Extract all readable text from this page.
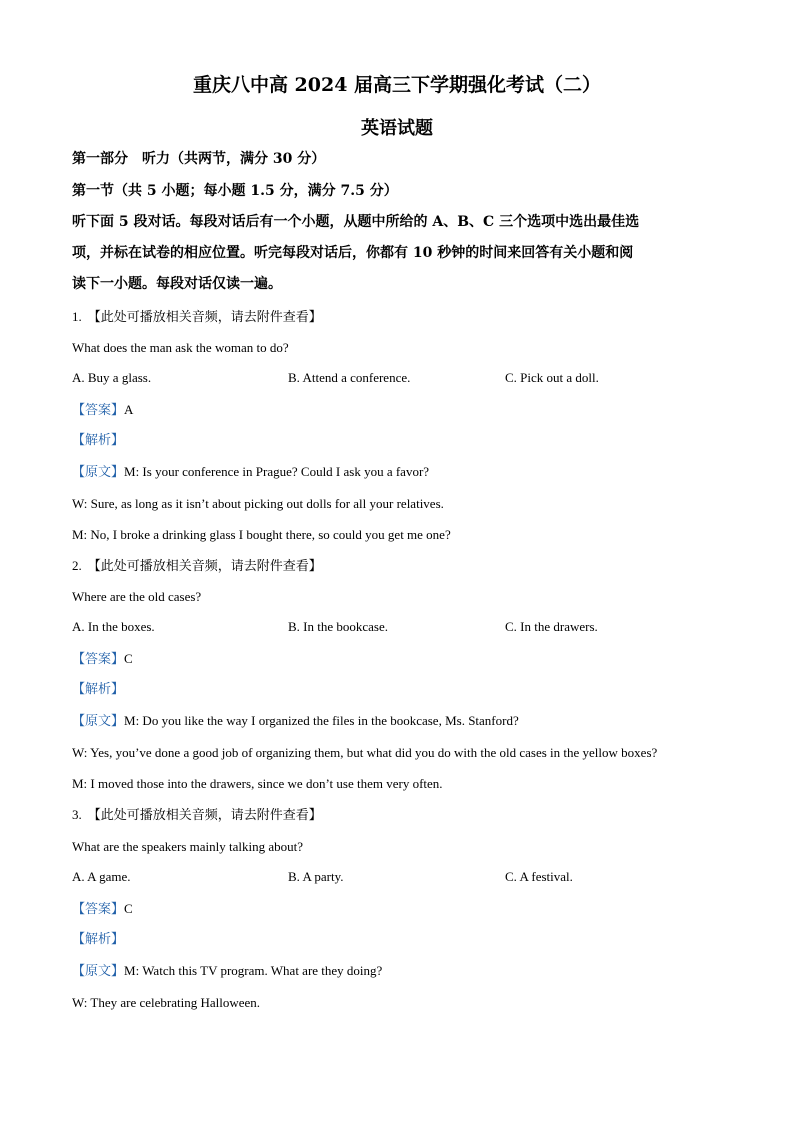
重庆八中高 2024 届高三下学期强化考试（二）
英语试题
第一部分　听力（共两节，满分 30 分）
第一节（共 5 小题；每小题 1.5 分，满分 7.5 分）
听下面 5 段对话。每段对话后有一个小题，从题中所给的 A、B、C 三个选项中选出最佳选
项，并标在试卷的相应位置。听完每段对话后，你都有 10 秒钟的时间来回答有关小题和阅
读下一小题。每段对话仅读一遍。
1. 【此处可播放相关音频，请去附件查看】
What does the man ask the woman to do?
A. Buy a glass.	B. Attend a conference.	C. Pick out a doll.
【答案】A
【解析】
【原文】M: Is your conference in Prague? Could I ask you a favor?
W: Sure, as long as it isn’t about picking out dolls for all your relatives.
M: No, I broke a drinking glass I bought there, so could you get me one?
2. 【此处可播放相关音频，请去附件查看】
Where are the old cases?
A. In the boxes.	B. In the bookcase.	C. In the drawers.
【答案】C
【解析】
【原文】M: Do you like the way I organized the files in the bookcase, Ms. Stanford?
W: Yes, you’ve done a good job of organizing them, but what did you do with the old cases in the yellow boxes?
M: I moved those into the drawers, since we don’t use them very often.
3. 【此处可播放相关音频，请去附件查看】
What are the speakers mainly talking about?
A. A game.	B. A party.	C. A festival.
【答案】C
【解析】
【原文】M: Watch this TV program. What are they doing?
W: They are celebrating Halloween.
